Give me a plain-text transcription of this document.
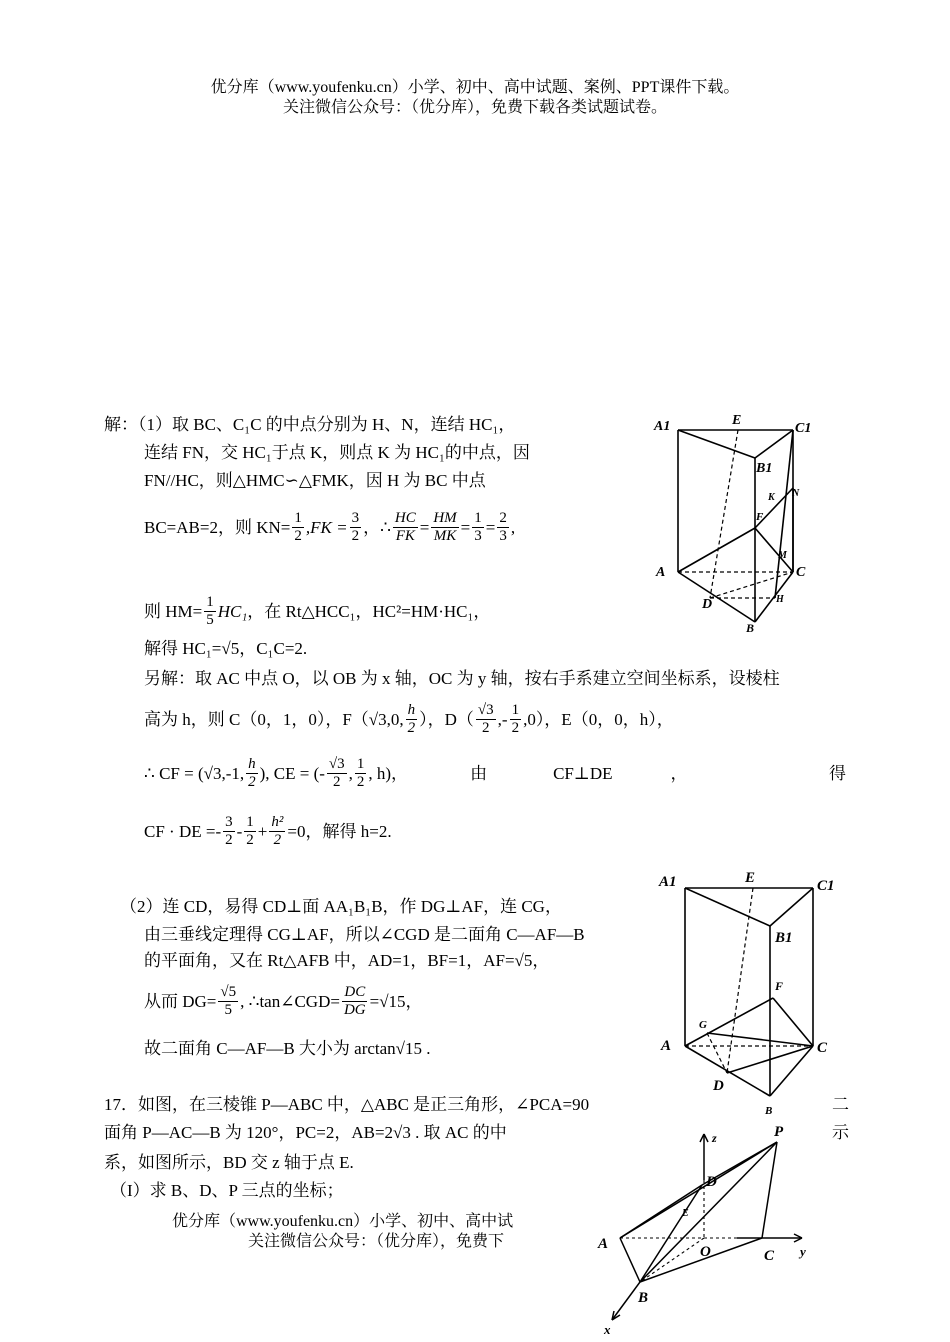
优分库（www.youfenku.cn）小学、初中、高中试题、案例、PPT课件下载。
关注微信公众号：（优分库），免费下载各类试题试卷。
解：（1）取 BC、C₁C 的中点分别为 H、N，连结 HC₁，
连结 FN，交 HC₁于点 K，则点 K 为 HC₁的中点，因
FN//HC，则△HMC∽△FMK，因 H 为 BC 中点
BC=AB=2，则 $KN= \frac{1}{2} ,FK = \frac{3}{2}$ ， ∴ $\frac{HC}{FK} = \frac{HM}{MK} = \frac{1}{3} = \frac{2}{3}$ ,
则 $HM= \frac{1}{5} HC_1$ ，在 Rt△HCC₁，HC²=HM·HC₁，
解得 HC₁=√5，C₁C=2.
另解：取 AC 中点 O，以 OB 为 x 轴，OC 为 y 轴，按右手系建立空间坐标系，设棱柱
高为 h，则 C（0，1，0），F（√3,0, $\frac{h}{2}$ ），$D( \frac{√3}{2}$ ,- $\frac{1}{2} ,0$），E（0，0，h），
∴ CF = (√3,-1, $\frac{h}{2}$ ), CE = (- $\frac{√3}{2}$ , $\frac{1}{2}$ , h)，	由	CF⊥DE	，	得
CF · DE =- $\frac{3}{2} - \frac{1}{2} + \frac{\text{h²}}{2} =0$，解得 h=2.
（2）连 CD，易得 CD⊥面 AA₁B₁B，作 DG⊥AF，连 CG，
由三垂线定理得 CG⊥AF，所以∠CGD 是二面角 C—AF—B
的平面角，又在 Rt△AFB 中，AD=1，BF=1，AF=√5，
从而 $DG= \frac{√5}{5}$ , ∴tan∠CGD= $\frac{DC}{DG} =√15$，
故二面角 C—AF—B 大小为 arctan√15 .
17．如图，在三棱锥 P—ABC 中，△ABC 是正三角形，∠PCA=90	二
面角 P—AC—B 为 120°，PC=2，AB=2√3 . 取 AC 的中	示
系，如图所示，BD 交 z 轴于点 E.
（I）求 B、D、P 三点的坐标；
优分库（www.youfenku.cn）小学、初中、高中试
关注微信公众号：（优分库），免费下
A1	E
C1
B1
K N
F
M
A	C
D	H
B
A1	E	C1
B1
F
G
A	C
D
B
z	P
D
E
A	O	C y
B
x
